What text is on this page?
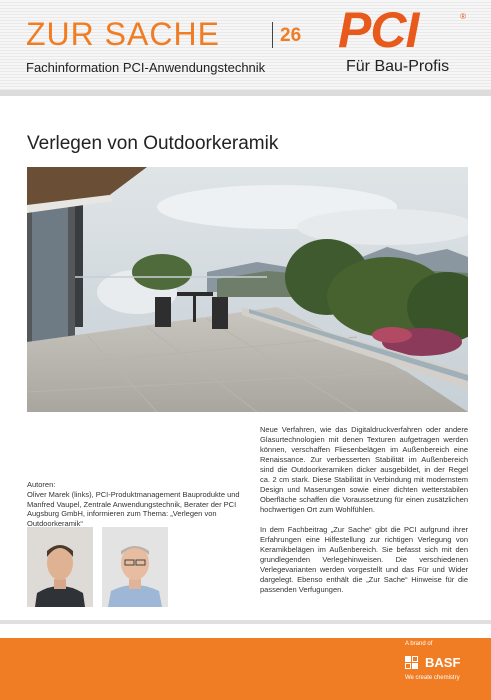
ZUR SACHE	26
Fachinformation PCI-Anwendungstechnik
PCI	®
Für Bau-Profis
Verlegen von Outdoorkeramik

Neue Verfahren, wie das Digitaldruckverfahren oder andere Glasurtechnologien mit denen Texturen aufgetragen werden können, verschaffen Fliesenbelägen im Außenbereich eine Renaissance. Zur verbesserten Stabilität im Außenbereich sind die Outdoorkeramiken dicker ausgebildet, in der Regel ca. 2 cm stark. Diese Stabilität in Verbindung mit modernstem Design und Maserungen sowie einer dichten wetterstabilen Oberfläche schaffen die Voraussetzung für einen zusätzlichen hochwertigen Ort zum Wohlfühlen.

In dem Fachbeitrag „Zur Sache“ gibt die PCI aufgrund ihrer Erfahrungen eine Hilfestellung zur richtigen Verlegung von Keramikbelägen im Außenbereich. Sie befasst sich mit den grundlegenden Verlegehinweisen. Die verschiedenen Verlegevarianten werden vorgestellt und das Für und Wider dargelegt. Ebenso enthält die „Zur Sache“ Hinweise für die passenden Verfugungen.

Autoren:
Oliver Marek (links), PCI-Produktmanagement Bauprodukte und Manfred Vaupel, Zentrale Anwendungstechnik, Berater der PCI Augsburg GmbH, informieren zum Thema: „Verlegen von Outdoorkeramik“
A brand of
BASF
We create chemistry
